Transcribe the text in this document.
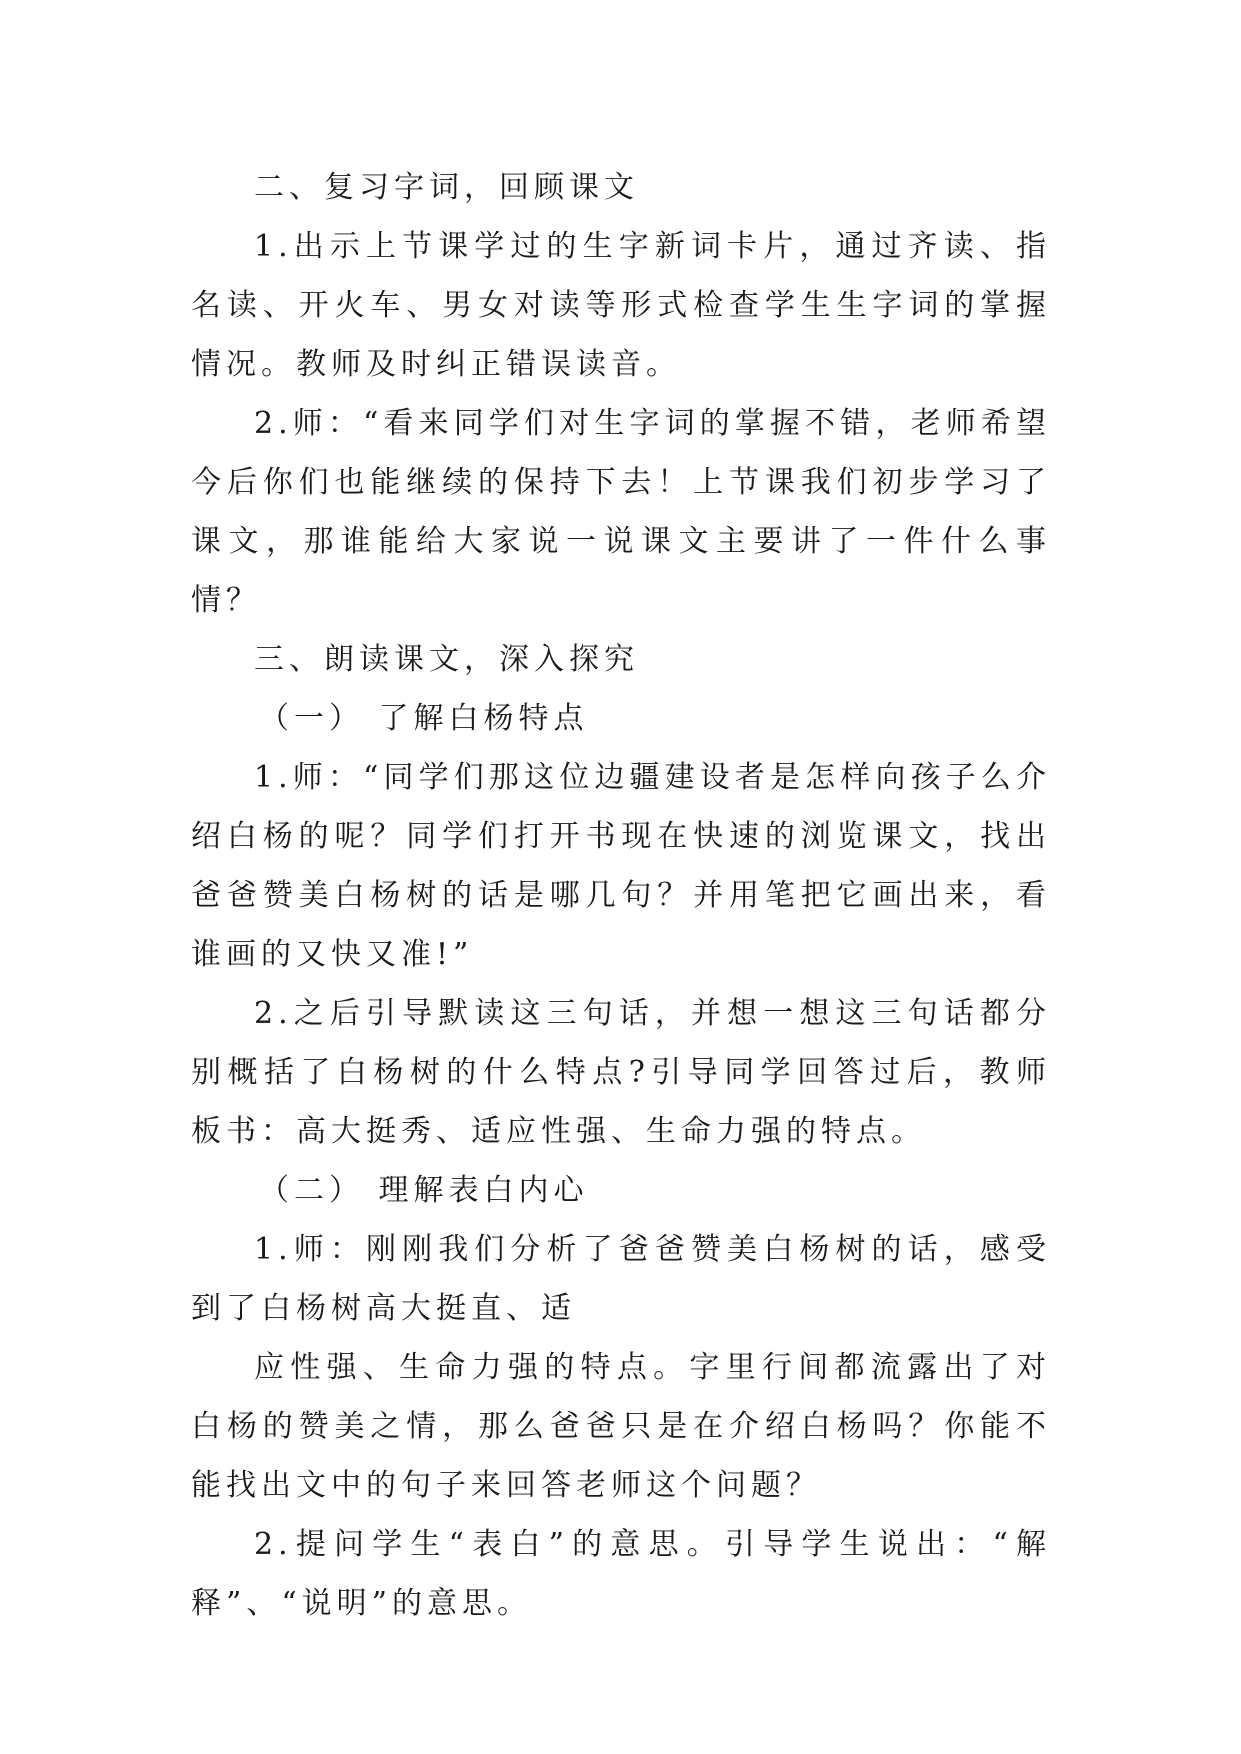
二、复习字词，回顾课文

1.出示上节课学过的生字新词卡片，通过齐读、指名读、开火车、男女对读等形式检查学生生字词的掌握情况。教师及时纠正错误读音。

2.师：“看来同学们对生字词的掌握不错，老师希望今后你们也能继续的保持下去！上节课我们初步学习了课文，那谁能给大家说一说课文主要讲了一件什么事情？

三、朗读课文，深入探究

（一） 了解白杨特点

1.师：“同学们那这位边疆建设者是怎样向孩子么介绍白杨的呢？同学们打开书现在快速的浏览课文，找出爸爸赞美白杨树的话是哪几句？并用笔把它画出来，看谁画的又快又准!”

2.之后引导默读这三句话，并想一想这三句话都分别概括了白杨树的什么特点?引导同学回答过后，教师板书：高大挺秀、适应性强、生命力强的特点。

（二） 理解表白内心

1.师：刚刚我们分析了爸爸赞美白杨树的话，感受到了白杨树高大挺直、适

应性强、生命力强的特点。字里行间都流露出了对白杨的赞美之情，那么爸爸只是在介绍白杨吗？你能不能找出文中的句子来回答老师这个问题？

2.提问学生“表白”的意思。引导学生说出：“解释”、“说明”的意思。
